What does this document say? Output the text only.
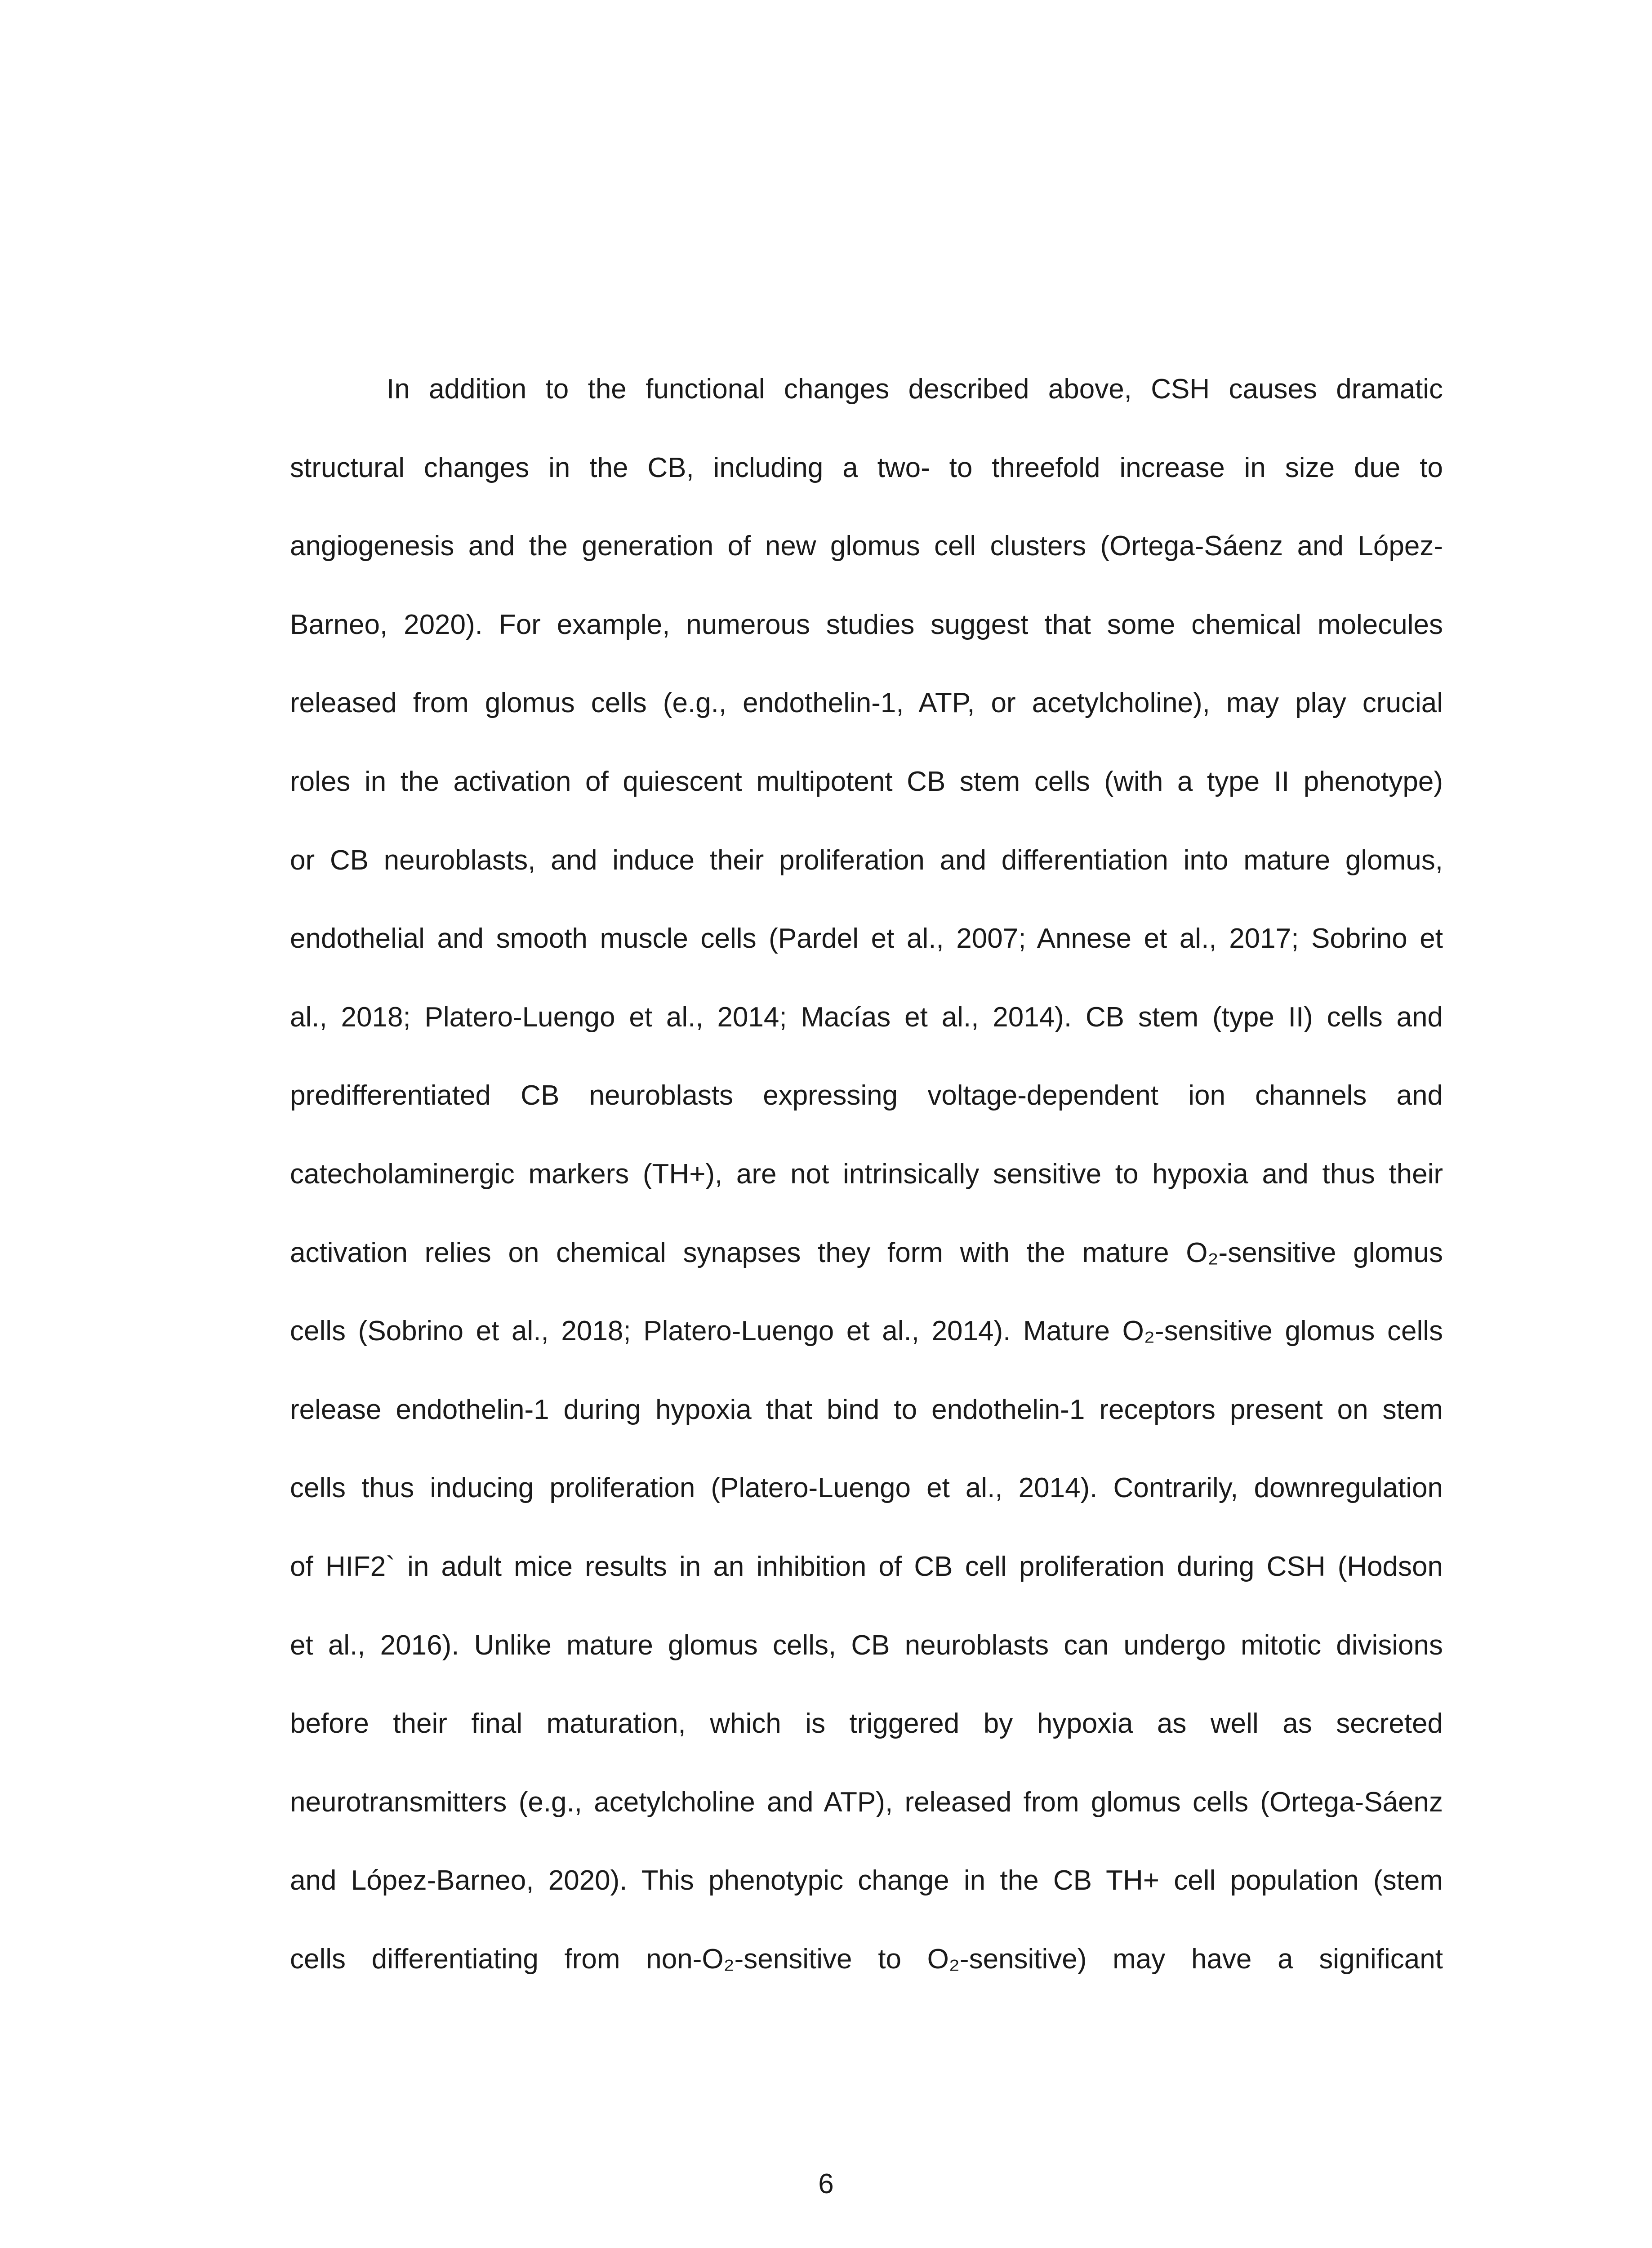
In addition to the functional changes described above, CSH causes dramatic
structural changes in the CB, including a two- to threefold increase in size due to
angiogenesis and the generation of new glomus cell clusters (Ortega-Sáenz and López-
Barneo, 2020). For example, numerous studies suggest that some chemical molecules
released from glomus cells (e.g., endothelin-1, ATP, or acetylcholine), may play crucial
roles in the activation of quiescent multipotent CB stem cells (with a type II phenotype)
or CB neuroblasts, and induce their proliferation and differentiation into mature glomus,
endothelial and smooth muscle cells (Pardel et al., 2007; Annese et al., 2017; Sobrino et
al., 2018; Platero-Luengo et al., 2014; Macías et al., 2014). CB stem (type II) cells and
predifferentiated CB neuroblasts expressing voltage-dependent ion channels and
catecholaminergic markers (TH+), are not intrinsically sensitive to hypoxia and thus their
activation relies on chemical synapses they form with the mature O₂-sensitive glomus
cells (Sobrino et al., 2018; Platero-Luengo et al., 2014). Mature O₂-sensitive glomus cells
release endothelin-1 during hypoxia that bind to endothelin-1 receptors present on stem
cells thus inducing proliferation (Platero-Luengo et al., 2014). Contrarily, downregulation
of HIF2` in adult mice results in an inhibition of CB cell proliferation during CSH (Hodson
et al., 2016). Unlike mature glomus cells, CB neuroblasts can undergo mitotic divisions
before their final maturation, which is triggered by hypoxia as well as secreted
neurotransmitters (e.g., acetylcholine and ATP), released from glomus cells (Ortega-Sáenz
and López-Barneo, 2020). This phenotypic change in the CB TH+ cell population (stem
cells differentiating from non-O₂-sensitive to O₂-sensitive) may have a significant
6
